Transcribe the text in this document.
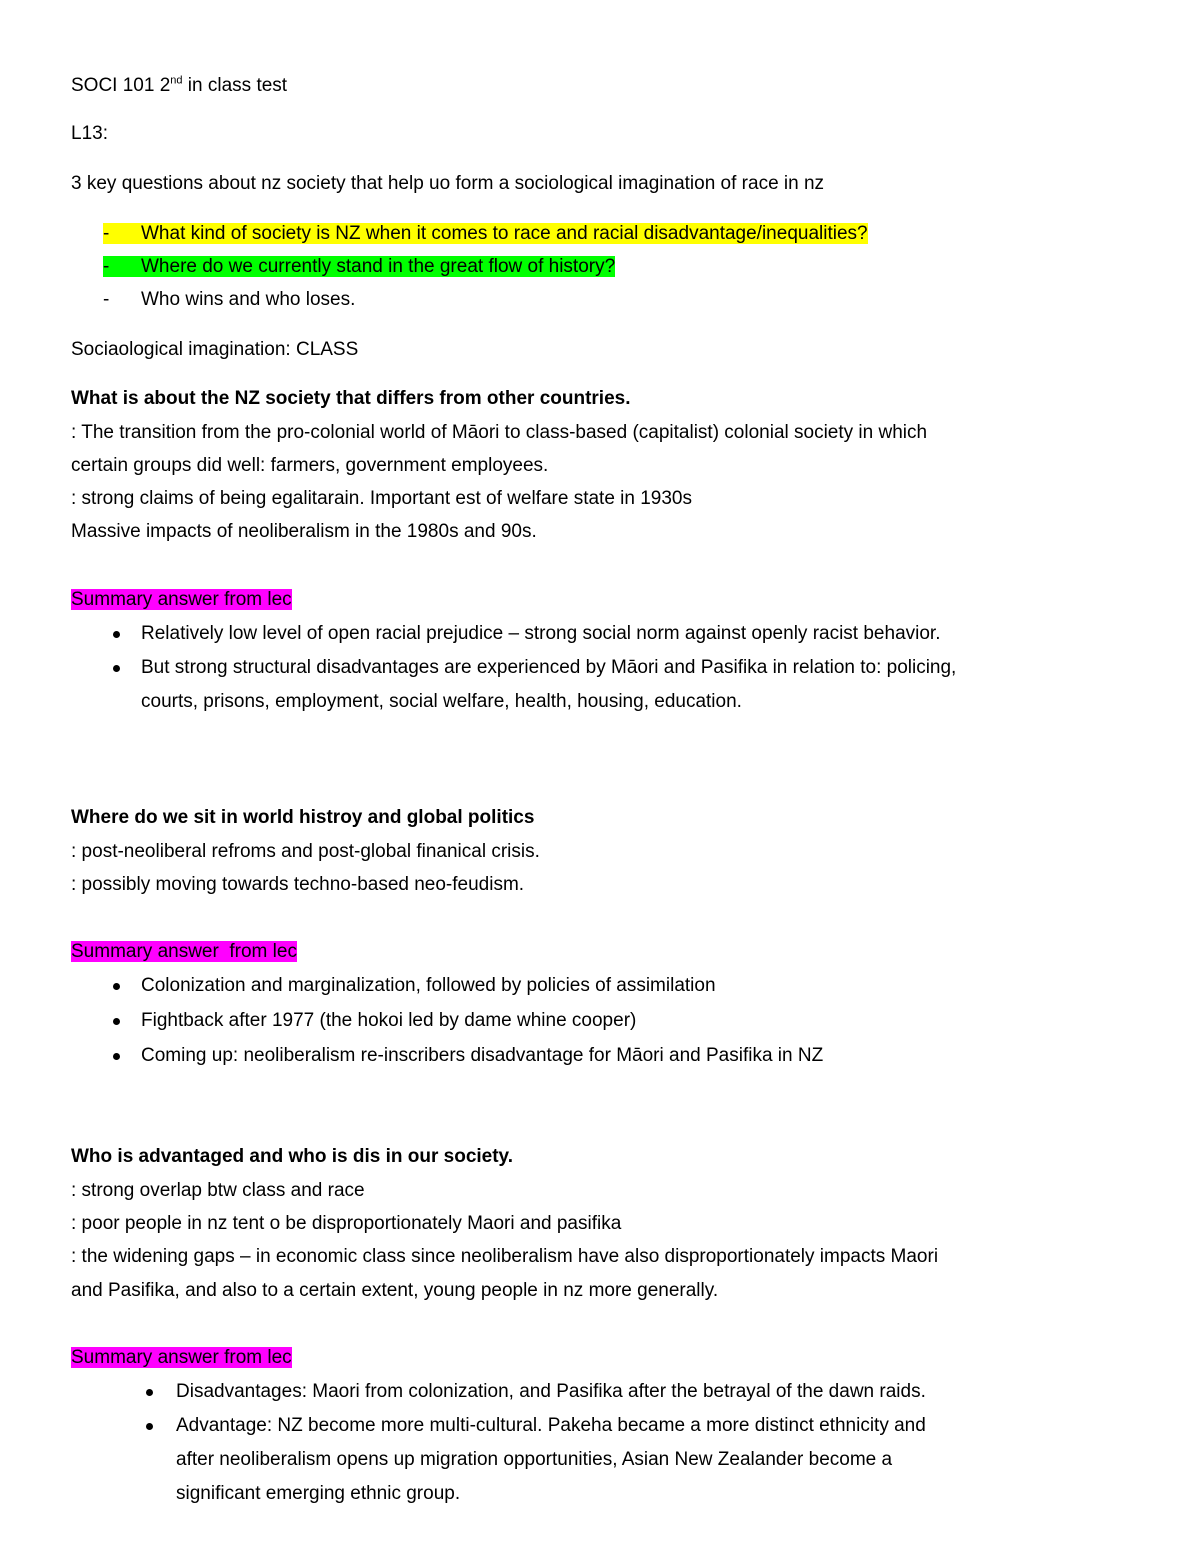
SOCI 101 2nd in class test
L13:
3 key questions about nz society that help uo form a sociological imagination of race in nz
- What kind of society is NZ when it comes to race and racial disadvantage/inequalities?
- Where do we currently stand in the great flow of history?
- Who wins and who loses.
Sociaological imagination: CLASS
What is about the NZ society that differs from other countries.
: The transition from the pro-colonial world of Māori to class-based (capitalist) colonial society in which
certain groups did well: farmers, government employees.
: strong claims of being egalitarain. Important est of welfare state in 1930s
Massive impacts of neoliberalism in the 1980s and 90s.
Summary answer from lec
Relatively low level of open racial prejudice – strong social norm against openly racist behavior.
But strong structural disadvantages are experienced by Māori and Pasifika in relation to: policing,
courts, prisons, employment, social welfare, health, housing, education.
Where do we sit in world histroy and global politics
: post-neoliberal refroms and post-global finanical crisis.
: possibly moving towards techno-based neo-feudism.
Summary answer  from lec
Colonization and marginalization, followed by policies of assimilation
Fightback after 1977 (the hokoi led by dame whine cooper)
Coming up: neoliberalism re-inscribers disadvantage for Māori and Pasifika in NZ
Who is advantaged and who is dis in our society.
: strong overlap btw class and race
: poor people in nz tent o be disproportionately Maori and pasifika
: the widening gaps – in economic class since neoliberalism have also disproportionately impacts Maori
and Pasifika, and also to a certain extent, young people in nz more generally.
Summary answer from lec
Disadvantages: Maori from colonization, and Pasifika after the betrayal of the dawn raids.
Advantage: NZ become more multi-cultural. Pakeha became a more distinct ethnicity and
after neoliberalism opens up migration opportunities, Asian New Zealander become a
significant emerging ethnic group.
